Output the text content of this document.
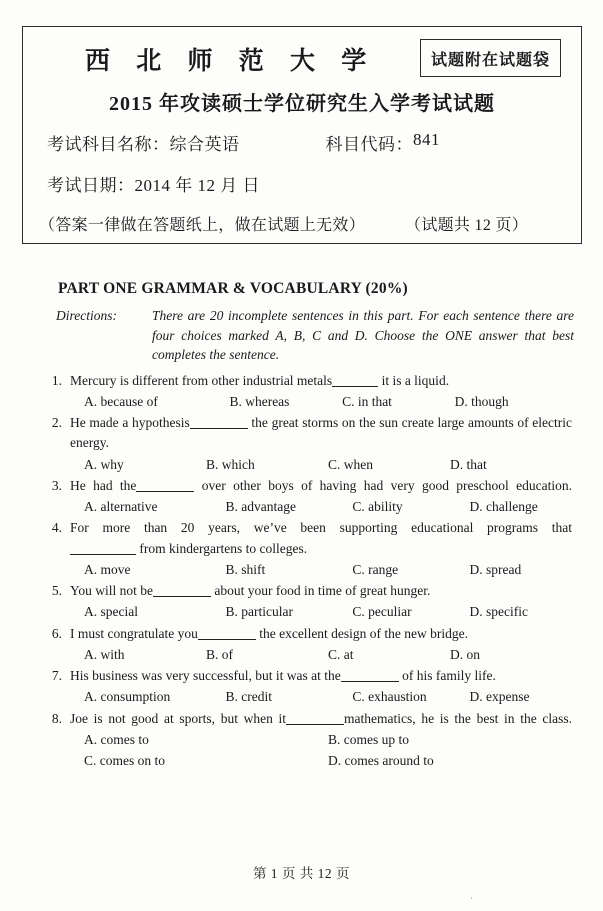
西 北 师 范 大 学	试题附在试题袋
2015 年攻读硕士学位研究生入学考试试题
考试科目名称： 综合英语	科目代码： 841
考试日期：2014 年 12 月 日
（答案一律做在答题纸上，做在试题上无效）	（试题共 12 页）
PART ONE GRAMMAR & VOCABULARY (20%)
Directions:	There are 20 incomplete sentences in this part. For each sentence there are four choices marked A, B, C and D. Choose the ONE answer that best completes the sentence.
1. Mercury is different from other industrial metals	it is a liquid.
A. because of	B. whereas	C. in that	D. though
2. He made a hypothesis	the great storms on the sun create large amounts of electric energy.
A. why	B. which	C. when	D. that
3. He had the	over other boys of having had very good preschool education.
A. alternative	B. advantage	C. ability	D. challenge
4. For more than 20 years, we’ve been supporting educational programs that
from kindergartens to colleges.
A. move	B. shift	C. range	D. spread
5. You will not be	about your food in time of great hunger.
A. special	B. particular	C. peculiar	D. specific
6. I must congratulate you	the excellent design of the new bridge.
A. with	B. of	C. at	D. on
7. His business was very successful, but it was at the	of his family life.
A. consumption	B. credit	C. exhaustion	D. expense
8. Joe is not good at sports, but when it	mathematics, he is the best in the class.
A. comes to	B. comes up to
C. comes on to	D. comes around to
第 1 页 共 12 页
·
